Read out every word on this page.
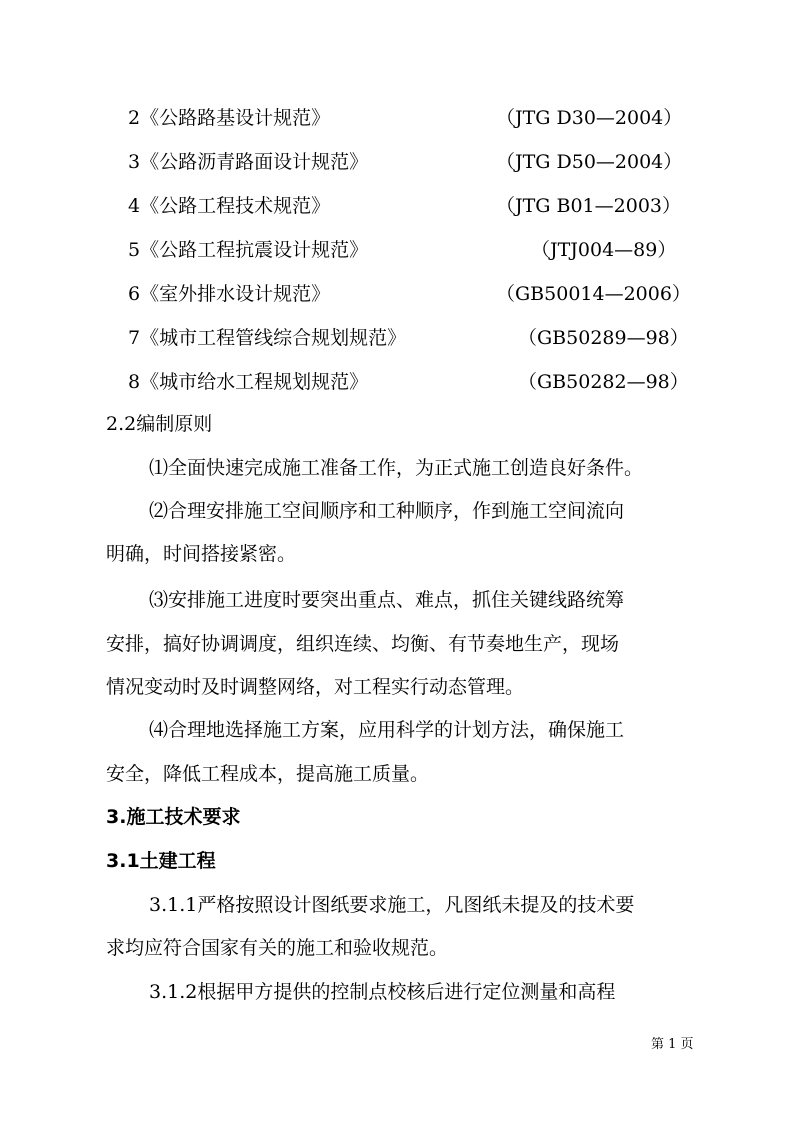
2《公路路基设计规范》	（JTG D30—2004）
3《公路沥青路面设计规范》	（JTG D50—2004）
4《公路工程技术规范》	（JTG B01—2003）
5《公路工程抗震设计规范》	（JTJ004—89）
6《室外排水设计规范》	（GB50014—2006）
7《城市工程管线综合规划规范》	（GB50289—98）
8《城市给水工程规划规范》	（GB50282—98）
2.2编制原则
⑴全面快速完成施工准备工作，为正式施工创造良好条件。
⑵合理安排施工空间顺序和工种顺序，作到施工空间流向
明确，时间搭接紧密。
⑶安排施工进度时要突出重点、难点，抓住关键线路统筹
安排，搞好协调调度，组织连续、均衡、有节奏地生产，现场
情况变动时及时调整网络，对工程实行动态管理。
⑷合理地选择施工方案，应用科学的计划方法，确保施工
安全，降低工程成本，提高施工质量。
3.施工技术要求
3.1土建工程
3.1.1严格按照设计图纸要求施工，凡图纸未提及的技术要
求均应符合国家有关的施工和验收规范。
3.1.2根据甲方提供的控制点校核后进行定位测量和高程
第 1 页
